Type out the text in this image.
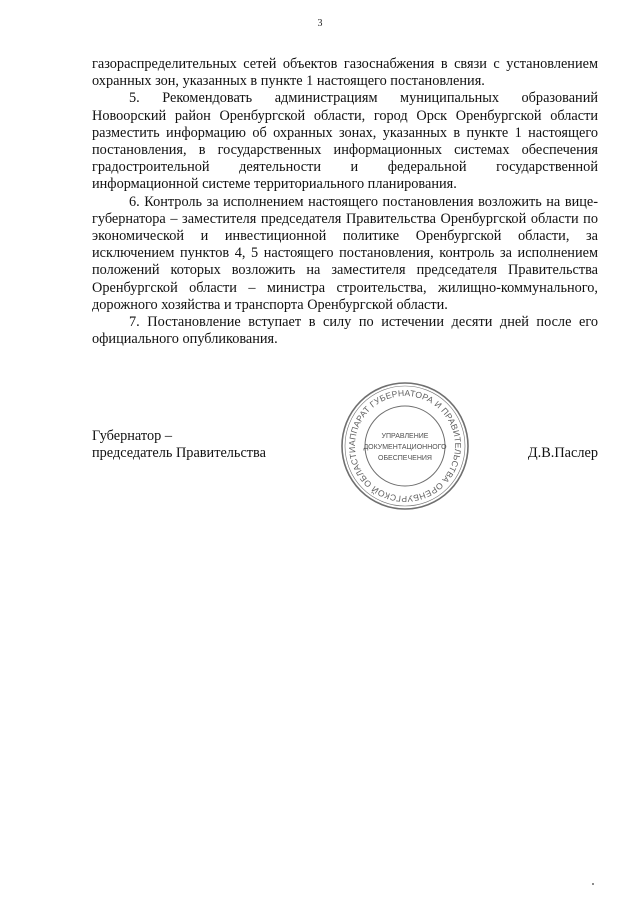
3

газораспределительных сетей объектов газоснабжения в связи с установлением охранных зон, указанных в пункте 1 настоящего постановления.

5. Рекомендовать администрациям муниципальных образований Новоорский район Оренбургской области, город Орск Оренбургской области разместить информацию об охранных зонах, указанных в пункте 1 настоящего постановления, в государственных информационных системах обеспечения градостроительной деятельности и федеральной государственной информационной системе территориального планирования.

6. Контроль за исполнением настоящего постановления возложить на вице-губернатора – заместителя председателя Правительства Оренбургской области по экономической и инвестиционной политике Оренбургской области, за исключением пунктов 4, 5 настоящего постановления, контроль за исполнением положений которых возложить на заместителя председателя Правительства Оренбургской области – министра строительства, жилищно-коммунального, дорожного хозяйства и транспорта Оренбургской области.

7. Постановление вступает в силу по истечении десяти дней после его официального опубликования.

Губернатор –
председатель Правительства
АППАРАТ ГУБЕРНАТОРА И ПРАВИТЕЛЬСТВА ОРЕНБУРГСКОЙ ОБЛАСТИ
УПРАВЛЕНИЕ
ДОКУМЕНТАЦИОННОГО
ОБЕСПЕЧЕНИЯ	Д.В.Паслер
